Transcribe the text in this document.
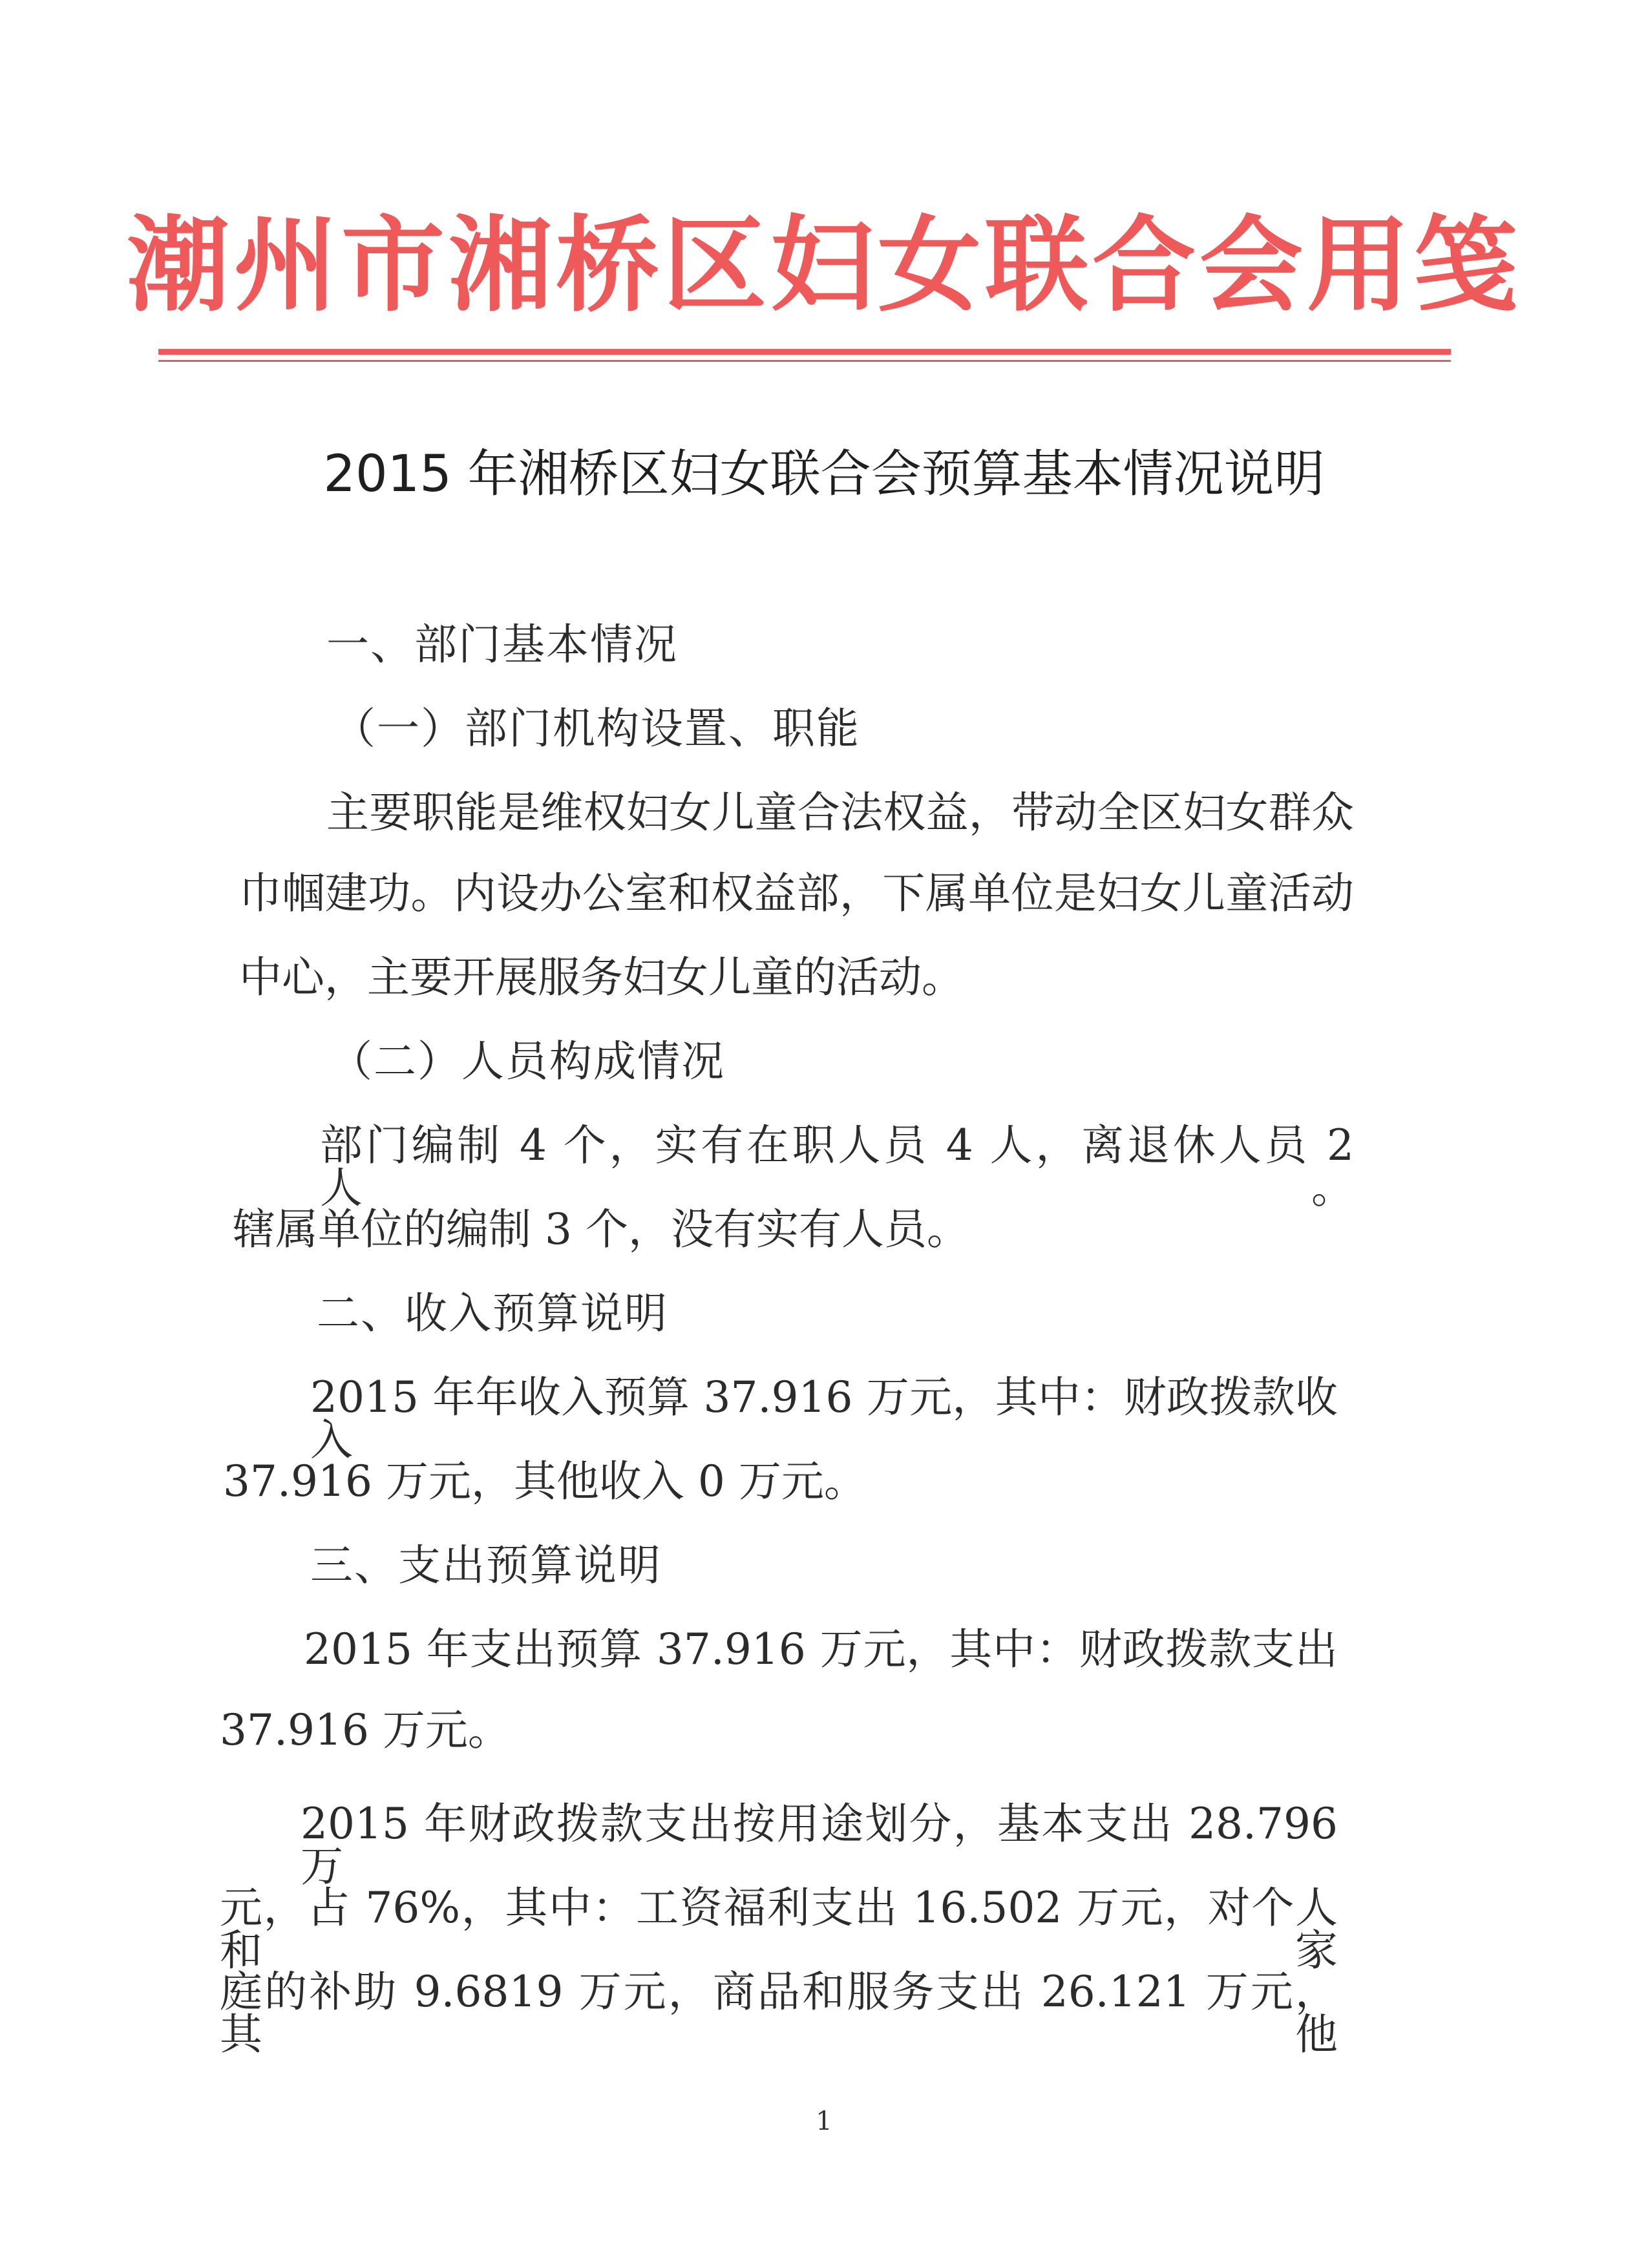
潮州市湘桥区妇女联合会用笺
2015 年湘桥区妇女联合会预算基本情况说明
一、部门基本情况
（一）部门机构设置、职能
主要职能是维权妇女儿童合法权益，带动全区妇女群众
巾帼建功。内设办公室和权益部，下属单位是妇女儿童活动
中心，主要开展服务妇女儿童的活动。
（二）人员构成情况
部门编制 4 个，实有在职人员 4 人，离退休人员 2 人。
辖属单位的编制 3 个，没有实有人员。
二、收入预算说明
2015 年年收入预算 37.916 万元，其中：财政拨款收入
37.916 万元，其他收入 0 万元。
三、支出预算说明
2015 年支出预算 37.916 万元，其中：财政拨款支出
37.916 万元。
2015 年财政拨款支出按用途划分，基本支出 28.796 万
元，占 76%，其中：工资福利支出 16.502 万元，对个人和家
庭的补助 9.6819 万元，商品和服务支出 26.121 万元，其他
1
